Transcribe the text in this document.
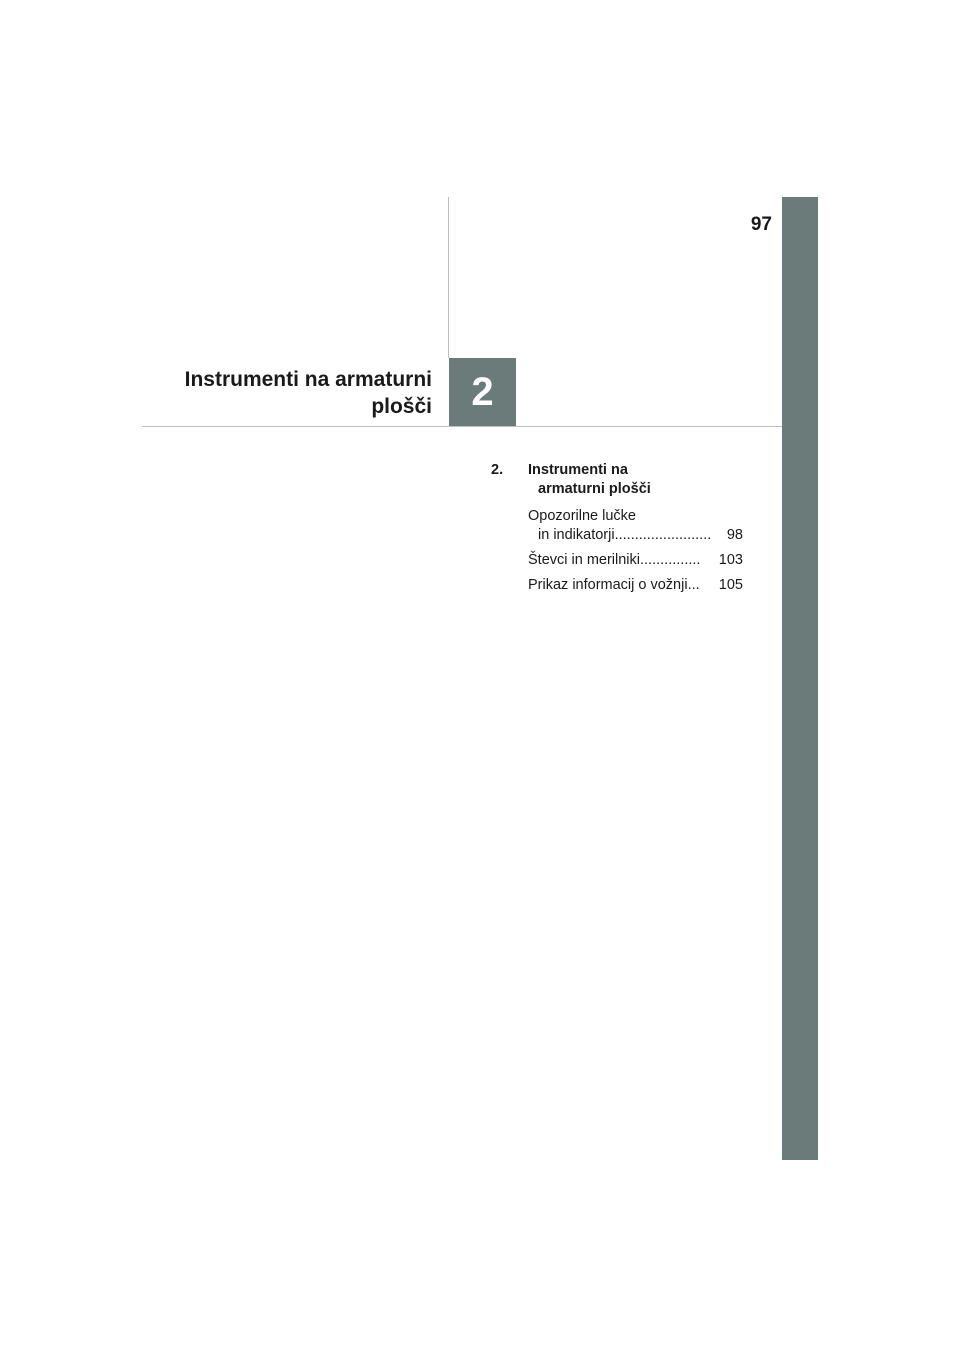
97
2
Instrumenti na armaturni
plošči
2. Instrumenti na
armaturni plošči
Opozorilne lučke
in indikatorji ........................	98
Števci in merilniki ...............	103
Prikaz informacij o vožnji ...	105
